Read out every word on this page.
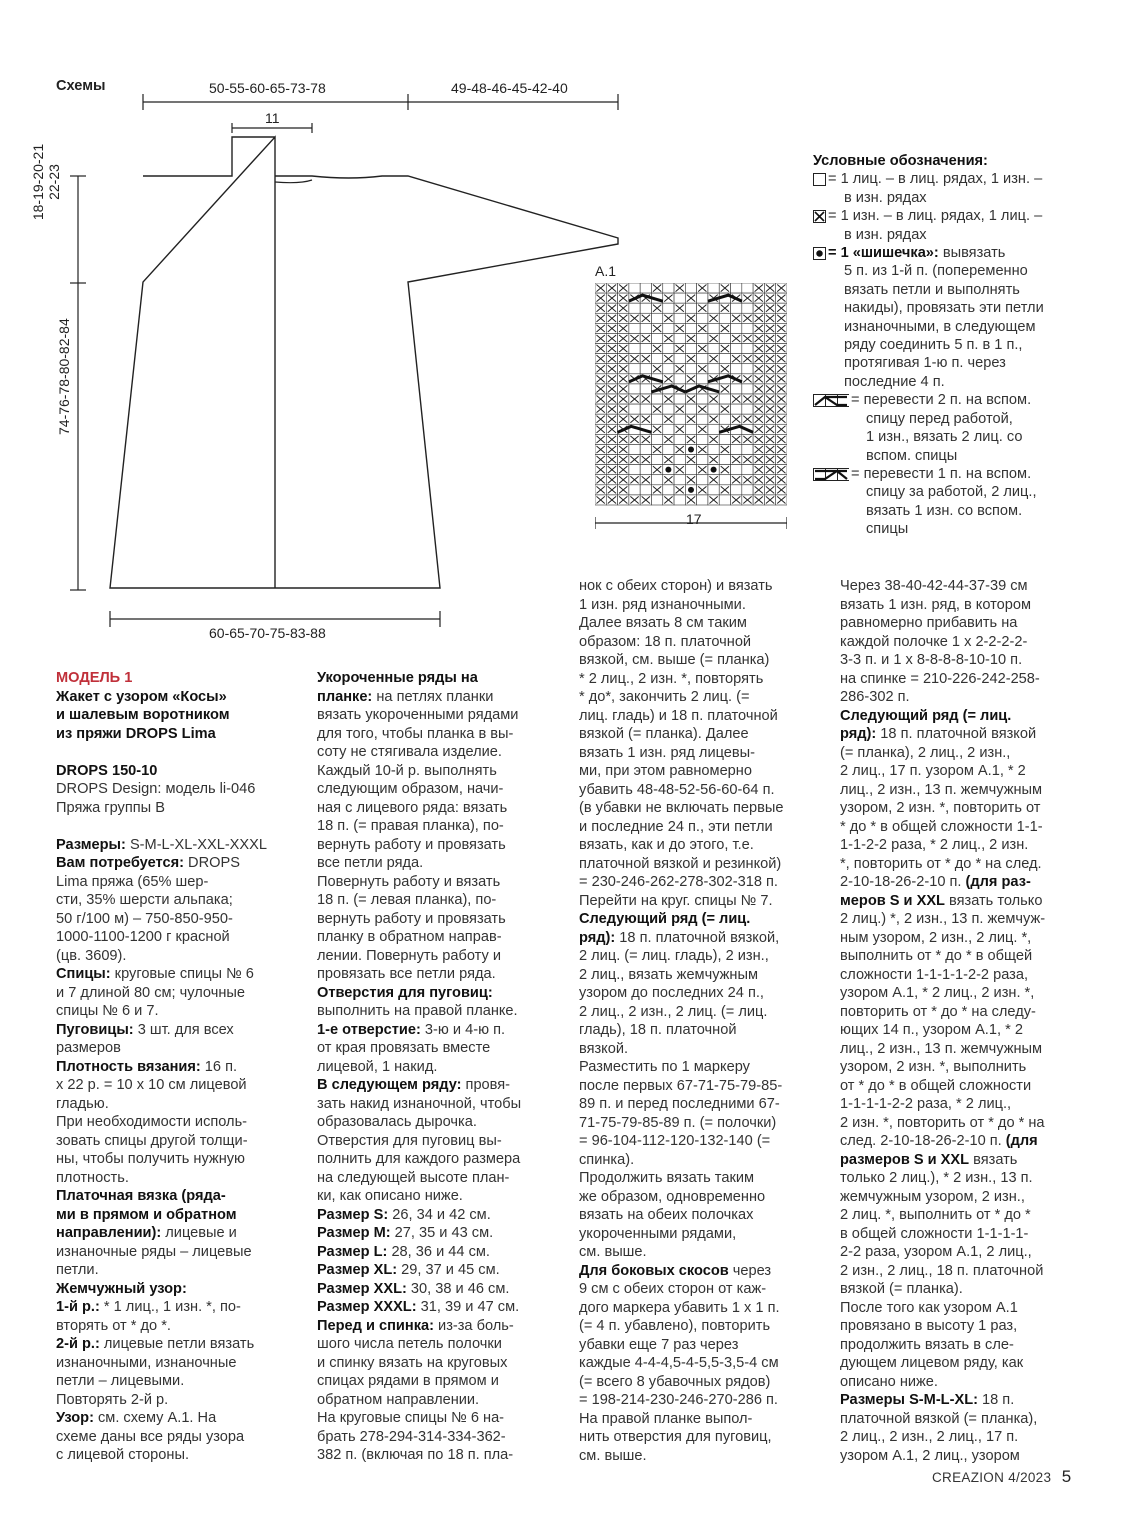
Схемы	50-55-60-65-73-78	49-48-46-45-42-40
11
18-19-20-21
22-23
74-76-78-80-82-84
60-65-70-75-83-88
A.1
17
Условные обозначения:
= 1 лиц. – в лиц. рядах, 1 изн. –
в изн. рядах
= 1 изн. – в лиц. рядах, 1 лиц. –
в изн. рядах
= 1 «шишечка»: вывязать
5 п. из 1-й п. (попеременно
вязать петли и выполнять
накиды), провязать эти петли
изнаночными, в следующем
ряду соединить 5 п. в 1 п.,
протягивая 1-ю п. через
последние 4 п.
= перевести 2 п. на вспом.
спицу перед работой,
1 изн., вязать 2 лиц. со
вспом. спицы
= перевести 1 п. на вспом.
спицу за работой, 2 лиц.,
вязать 1 изн. со вспом.
спицы

МОДЕЛЬ 1

Жакет с узором «Косы»
и шалевым воротником
из пряжи DROPS Lima

DROPS 150-10

DROPS Design: модель li-046
Пряжа группы B

Размеры: S-M-L-XL-XXL-XXXL

Вам потребуется: DROPS
Lima пряжа (65% шер-
сти, 35% шерсти альпака;
50 г/100 м) – 750-850-950-
1000-1100-1200 г красной
(цв. 3609).

Спицы: круговые спицы № 6
и 7 длиной 80 см; чулочные
спицы № 6 и 7.

Пуговицы: 3 шт. для всех
размеров

Плотность вязания: 16 п.
х 22 р. = 10 х 10 см лицевой
гладью.
При необходимости исполь-
зовать спицы другой толщи-
ны, чтобы получить нужную
плотность.

Платочная вязка (ряда-
ми в прямом и обратном
направлении): лицевые и
изнаночные ряды – лицевые
петли.

Жемчужный узор:

1-й р.: * 1 лиц., 1 изн. *, по-
вторять от * до *.

2-й р.: лицевые петли вязать
изнаночными, изнаночные
петли – лицевыми.
Повторять 2-й р.

Узор: см. схему A.1. На
схеме даны все ряды узора
с лицевой стороны.

Укороченные ряды на
планке: на петлях планки
вязать укороченными рядами
для того, чтобы планка в вы-
соту не стягивала изделие.
Каждый 10-й р. выполнять
следующим образом, начи-
ная с лицевого ряда: вязать
18 п. (= правая планка), по-
вернуть работу и провязать
все петли ряда.
Повернуть работу и вязать
18 п. (= левая планка), по-
вернуть работу и провязать
планку в обратном направ-
лении. Повернуть работу и
провязать все петли ряда.

Отверстия для пуговиц:
выполнить на правой планке.

1-е отверстие: 3-ю и 4-ю п.
от края провязать вместе
лицевой, 1 накид.

В следующем ряду: провя-
зать накид изнаночной, чтобы
образовалась дырочка.
Отверстия для пуговиц вы-
полнить для каждого размера
на следующей высоте план-
ки, как описано ниже.

Размер S: 26, 34 и 42 см.

Размер M: 27, 35 и 43 см.

Размер L: 28, 36 и 44 см.

Размер XL: 29, 37 и 45 см.

Размер XXL: 30, 38 и 46 см.

Размер XXXL: 31, 39 и 47 см.

Перед и спинка: из-за боль-
шого числа петель полочки
и спинку вязать на круговых
спицах рядами в прямом и
обратном направлении.
На круговые спицы № 6 на-
брать 278-294-314-334-362-
382 п. (включая по 18 п. пла-

нок с обеих сторон) и вязать
1 изн. ряд изнаночными.
Далее вязать 8 см таким
образом: 18 п. платочной
вязкой, см. выше (= планка)
* 2 лиц., 2 изн. *, повторять
* до*, закончить 2 лиц. (=
лиц. гладь) и 18 п. платочной
вязкой (= планка). Далее
вязать 1 изн. ряд лицевы-
ми, при этом равномерно
убавить 48-48-52-56-60-64 п.
(в убавки не включать первые
и последние 24 п., эти петли
вязать, как и до этого, т.е.
платочной вязкой и резинкой)
= 230-246-262-278-302-318 п.
Перейти на круг. спицы № 7.

Следующий ряд (= лиц.
ряд): 18 п. платочной вязкой,
2 лиц. (= лиц. гладь), 2 изн.,
2 лиц., вязать жемчужным
узором до последних 24 п.,
2 лиц., 2 изн., 2 лиц. (= лиц.
гладь), 18 п. платочной
вязкой.

Разместить по 1 маркеру
после первых 67-71-75-79-85-
89 п. и перед последними 67-
71-75-79-85-89 п. (= полочки)
= 96-104-112-120-132-140 (=
спинка).
Продолжить вязать таким
же образом, одновременно
вязать на обеих полочках
укороченными рядами,
см. выше.

Для боковых скосов через
9 см с обеих сторон от каж-
дого маркера убавить 1 х 1 п.
(= 4 п. убавлено), повторить
убавки еще 7 раз через
каждые 4-4-4,5-4-5,5-3,5-4 см
(= всего 8 убавочных рядов)
= 198-214-230-246-270-286 п.
На правой планке выпол-
нить отверстия для пуговиц,
см. выше.

Через 38-40-42-44-37-39 см
вязать 1 изн. ряд, в котором
равномерно прибавить на
каждой полочке 1 х 2-2-2-2-
3-3 п. и 1 х 8-8-8-8-10-10 п.
на спинке = 210-226-242-258-
286-302 п.

Следующий ряд (= лиц.
ряд): 18 п. платочной вязкой
(= планка), 2 лиц., 2 изн.,
2 лиц., 17 п. узором A.1, * 2
лиц., 2 изн., 13 п. жемчужным
узором, 2 изн. *, повторить от
* до * в общей сложности 1-1-
1-1-2-2 раза, * 2 лиц., 2 изн.
*, повторить от * до * на след.
2-10-18-26-2-10 п. (для раз-
меров S и XXL вязать только
2 лиц.) *, 2 изн., 13 п. жемчуж-
ным узором, 2 изн., 2 лиц. *,
выполнить от * до * в общей
сложности 1-1-1-1-2-2 раза,
узором A.1, * 2 лиц., 2 изн. *,
повторить от * до * на следу-
ющих 14 п., узором A.1, * 2
лиц., 2 изн., 13 п. жемчужным
узором, 2 изн. *, выполнить
от * до * в общей сложности
1-1-1-1-2-2 раза, * 2 лиц.,
2 изн. *, повторить от * до * на
след. 2-10-18-26-2-10 п. (для
размеров S и XXL вязать
только 2 лиц.), * 2 изн., 13 п.
жемчужным узором, 2 изн.,
2 лиц. *, выполнить от * до *
в общей сложности 1-1-1-1-
2-2 раза, узором A.1, 2 лиц.,
2 изн., 2 лиц., 18 п. платочной
вязкой (= планка).
После того как узором A.1
провязано в высоту 1 раз,
продолжить вязать в сле-
дующем лицевом ряду, как
описано ниже.

Размеры S-M-L-XL: 18 п.
платочной вязкой (= планка),
2 лиц., 2 изн., 2 лиц., 17 п.
узором A.1, 2 лиц., узором

CREAZION 4/2023 5
